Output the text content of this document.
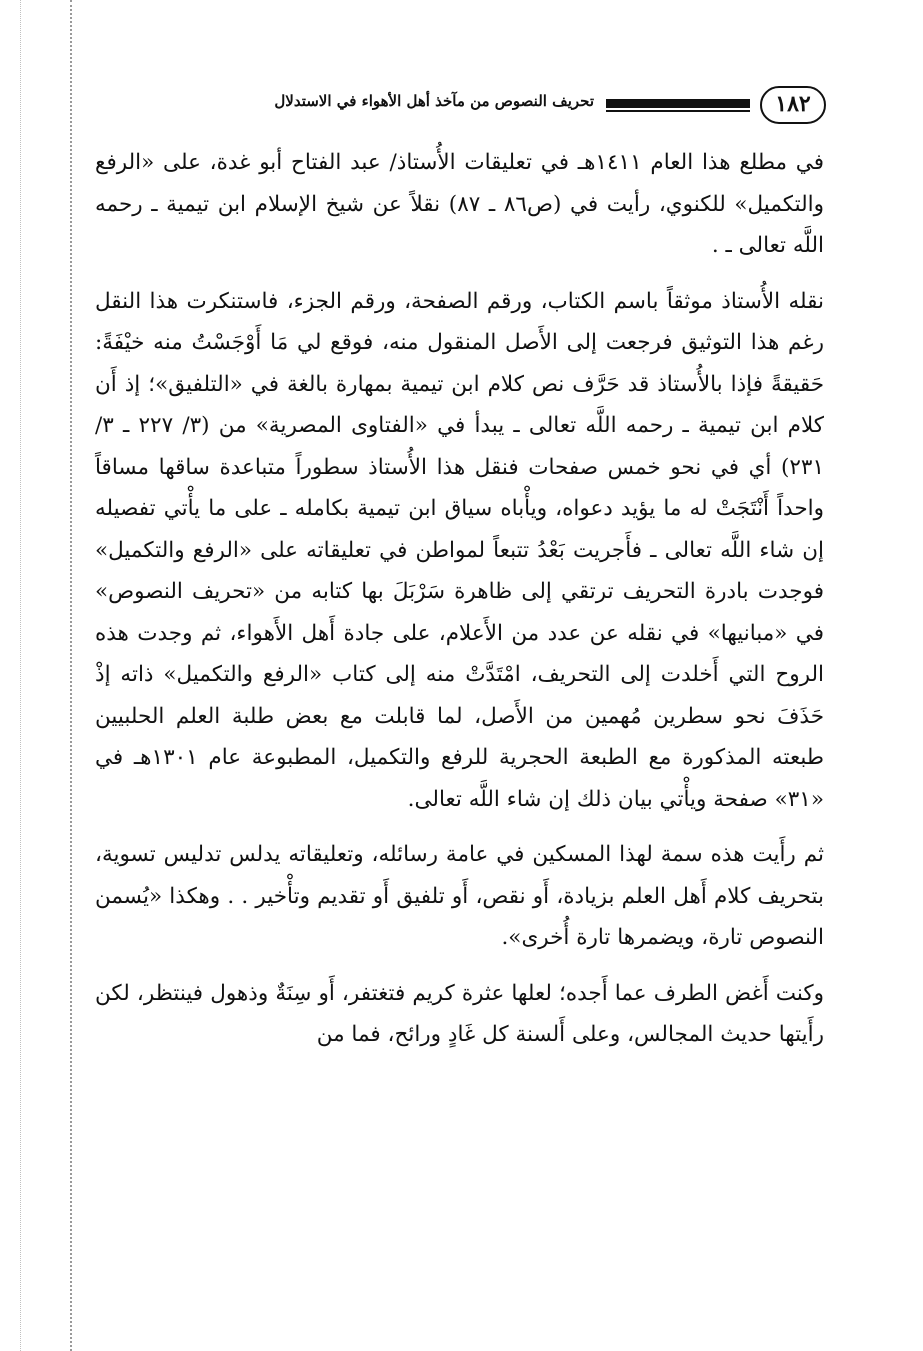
١٨٢
تحريف النصوص من مآخذ أهل الأهواء في الاستدلال

في مطلع هذا العام ١٤١١هـ في تعليقات الأُستاذ/ عبد الفتاح أبو غدة، على «الرفع والتكميل» للكنوي، رأيت في (ص٨٦ ـ ٨٧) نقلاً عن شيخ الإسلام ابن تيمية ـ رحمه اللَّه تعالى ـ .

نقله الأُستاذ موثقاً باسم الكتاب، ورقم الصفحة، ورقم الجزء، فاستنكرت هذا النقل رغم هذا التوثيق فرجعت إلى الأَصل المنقول منه، فوقع لي مَا أَوْجَسْتُ منه خيْفَةً: حَقيقةً فإذا بالأُستاذ قد حَرَّف نص كلام ابن تيمية بمهارة بالغة في «التلفيق»؛ إذ أَن كلام ابن تيمية ـ رحمه اللَّه تعالى ـ يبدأ في «الفتاوى المصرية» من (٣/ ٢٢٧ ـ ٣/ ٢٣١) أي في نحو خمس صفحات فنقل هذا الأُستاذ سطوراً متباعدة ساقها مساقاً واحداً أَنْتَجَتْ له ما يؤيد دعواه، ويأْباه سياق ابن تيمية بكامله ـ على ما يأْتي تفصيله إن شاء اللَّه تعالى ـ فأَجريت بَعْدُ تتبعاً لمواطن في تعليقاته على «الرفع والتكميل» فوجدت بادرة التحريف ترتقي إلى ظاهرة سَرْبَلَ بها كتابه من «تحريف النصوص» في «مبانيها» في نقله عن عدد من الأَعلام، على جادة أَهل الأَهواء، ثم وجدت هذه الروح التي أَخلدت إلى التحريف، امْتَدَّتْ منه إلى كتاب «الرفع والتكميل» ذاته إذْ حَذَفَ نحو سطرين مُهمين من الأَصل، لما قابلت مع بعض طلبة العلم الحلبيين طبعته المذكورة مع الطبعة الحجرية للرفع والتكميل، المطبوعة عام ١٣٠١هـ في «٣١» صفحة ويأْتي بيان ذلك إن شاء اللَّه تعالى.

ثم رأَيت هذه سمة لهذا المسكين في عامة رسائله، وتعليقاته يدلس تدليس تسوية، بتحريف كلام أَهل العلم بزيادة، أَو نقص، أَو تلفيق أَو تقديم وتأْخير . . وهكذا «يُسمن النصوص تارة، ويضمرها تارة أُخرى».

وكنت أَغض الطرف عما أَجده؛ لعلها عثرة كريم فتغتفر، أَو سِنَةٌ وذهول فينتظر، لكن رأَيتها حديث المجالس، وعلى أَلسنة كل غَادٍ ورائح، فما من
